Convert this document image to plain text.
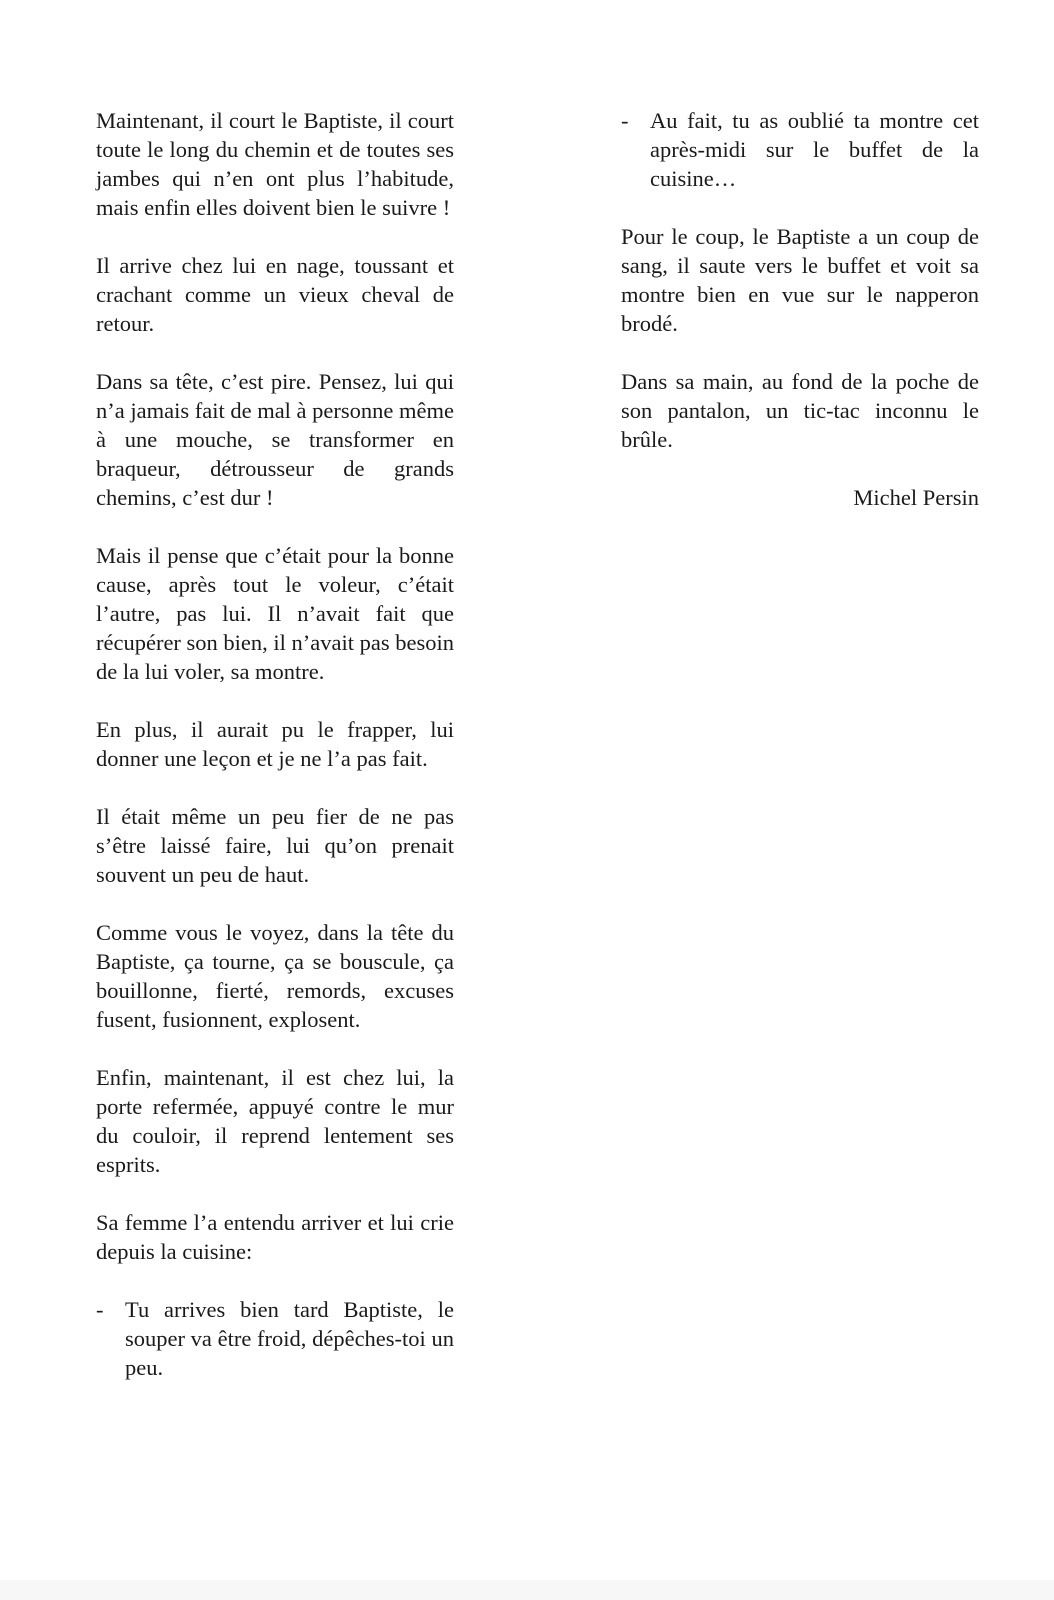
Maintenant, il court le Baptiste, il court toute le long du chemin et de toutes ses jambes qui n’en ont plus l’habitude, mais enfin elles doivent bien le suivre !

Il arrive chez lui en nage, toussant et crachant comme un vieux cheval de retour.

Dans sa tête, c’est pire. Pensez, lui qui n’a jamais fait de mal à personne même à une mouche, se transformer en braqueur, détrousseur de grands chemins, c’est dur !

Mais il pense que c’était pour la bonne cause, après tout le voleur, c’était l’autre, pas lui. Il n’avait fait que récupérer son bien, il n’avait pas besoin de la lui voler, sa montre.

En plus, il aurait pu le frapper, lui donner une leçon et je ne l’a pas fait.

Il était même un peu fier de ne pas s’être laissé faire, lui qu’on prenait souvent un peu de haut.

Comme vous le voyez, dans la tête du Baptiste, ça tourne, ça se bouscule, ça bouillonne, fierté, remords, excuses fusent, fusionnent, explosent.

Enfin, maintenant, il est chez lui, la porte refermée, appuyé contre le mur du couloir, il reprend lentement ses esprits.

Sa femme l’a entendu arriver et lui crie depuis la cuisine:

- Tu arrives bien tard Baptiste, le souper va être froid, dépêches-toi un peu.
- Au fait, tu as oublié ta montre cet après-midi sur le buffet de la cuisine…

Pour le coup, le Baptiste a un coup de sang, il saute vers le buffet et voit sa montre bien en vue sur le napperon brodé.

Dans sa main, au fond de la poche de son pantalon, un tic-tac inconnu le brûle.

Michel Persin
